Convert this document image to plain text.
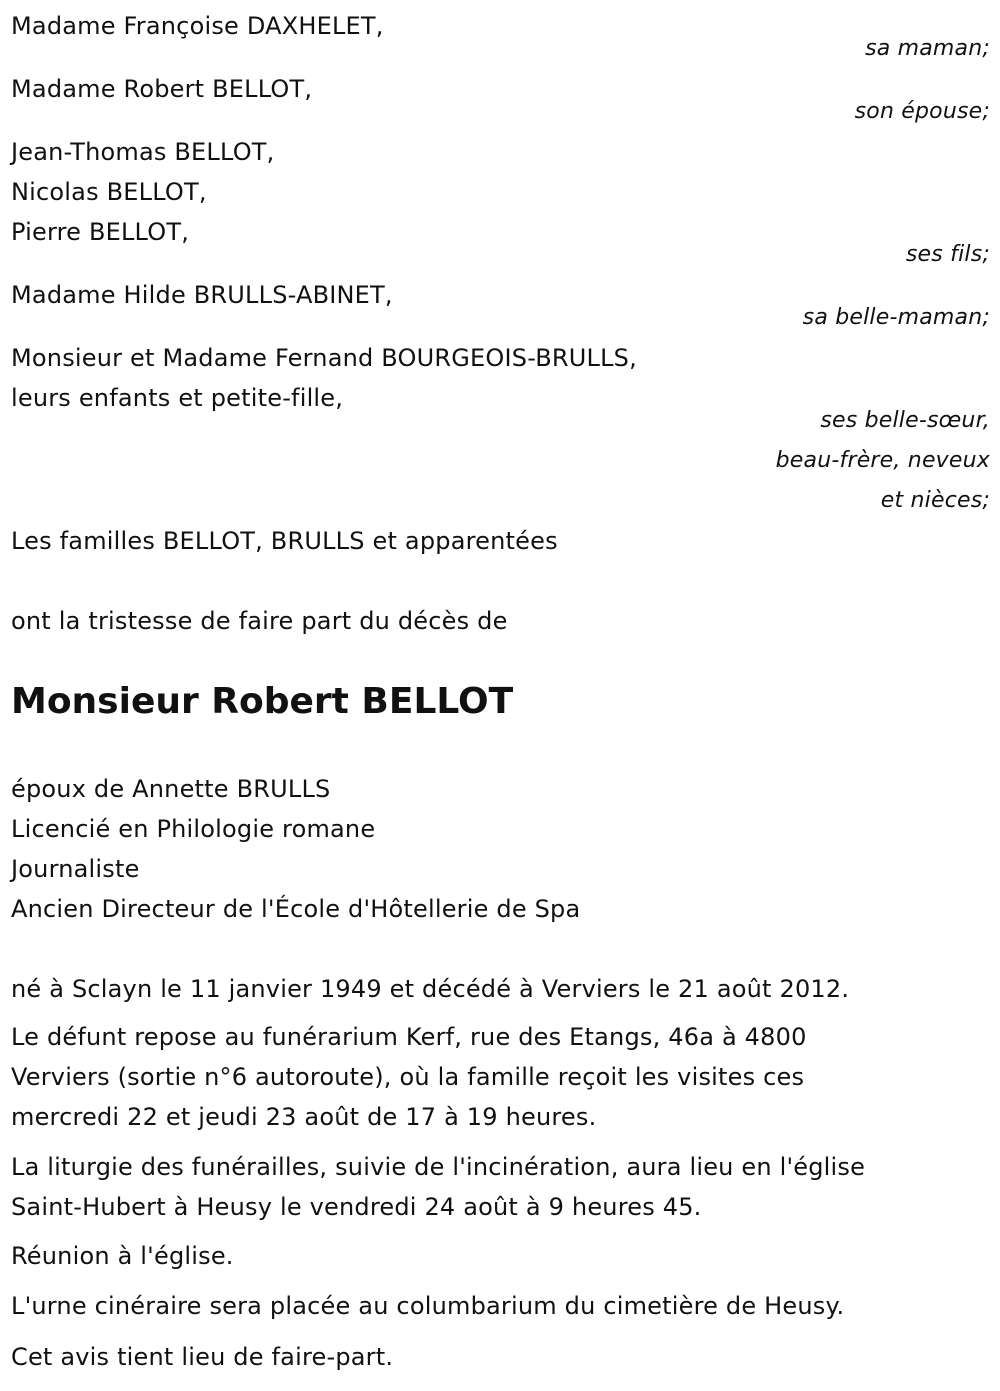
Madame Françoise DAXHELET,
sa maman;
Madame Robert BELLOT,
son épouse;
Jean-Thomas BELLOT,
Nicolas BELLOT,
Pierre BELLOT,
ses fils;
Madame Hilde BRULLS-ABINET,
sa belle-maman;
Monsieur et Madame Fernand BOURGEOIS-BRULLS,
leurs enfants et petite-fille,
ses belle-sœur,
beau-frère, neveux
et nièces;
Les familles BELLOT, BRULLS et apparentées
ont la tristesse de faire part du décès de
Monsieur Robert BELLOT
époux de Annette BRULLS
Licencié en Philologie romane
Journaliste
Ancien Directeur de l'École d'Hôtellerie de Spa
né à Sclayn le 11 janvier 1949 et décédé à Verviers le 21 août 2012.
Le défunt repose au funérarium Kerf, rue des Etangs, 46a à 4800
Verviers (sortie n°6 autoroute), où la famille reçoit les visites ces
mercredi 22 et jeudi 23 août de 17 à 19 heures.
La liturgie des funérailles, suivie de l'incinération, aura lieu en l'église
Saint-Hubert à Heusy le vendredi 24 août à 9 heures 45.
Réunion à l'église.
L'urne cinéraire sera placée au columbarium du cimetière de Heusy.
Cet avis tient lieu de faire-part.
